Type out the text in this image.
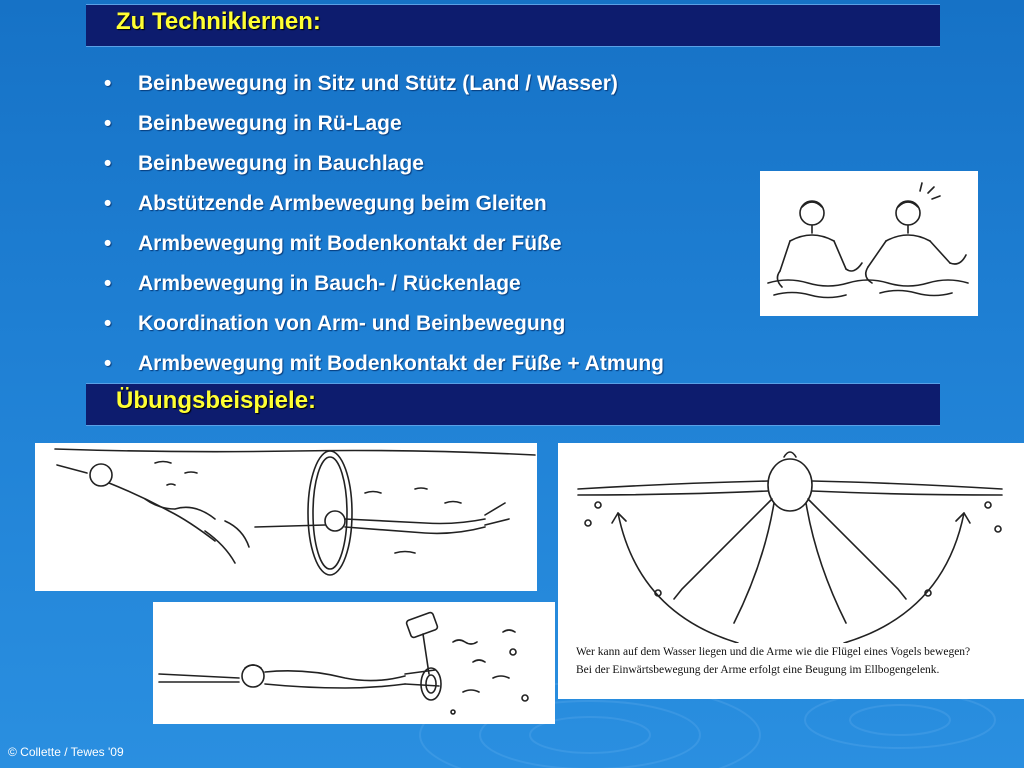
Zu Techniklernen:
•	Beinbewegung in Sitz und Stütz (Land / Wasser)
•	Beinbewegung in Rü-Lage
•	Beinbewegung in Bauchlage
•	Abstützende Armbewegung beim Gleiten
•	Armbewegung mit Bodenkontakt der Füße
•	Armbewegung in Bauch- / Rückenlage
•	Koordination von Arm- und Beinbewegung
•	Armbewegung mit Bodenkontakt der Füße + Atmung
Wer kann auf dem Wasser liegen und die Arme wie die Flügel eines Vogels bewegen?
Bei der Einwärtsbewegung der Arme erfolgt eine Beugung im Ellbogengelenk.
Übungsbeispiele:
© Collette / Tewes '09
